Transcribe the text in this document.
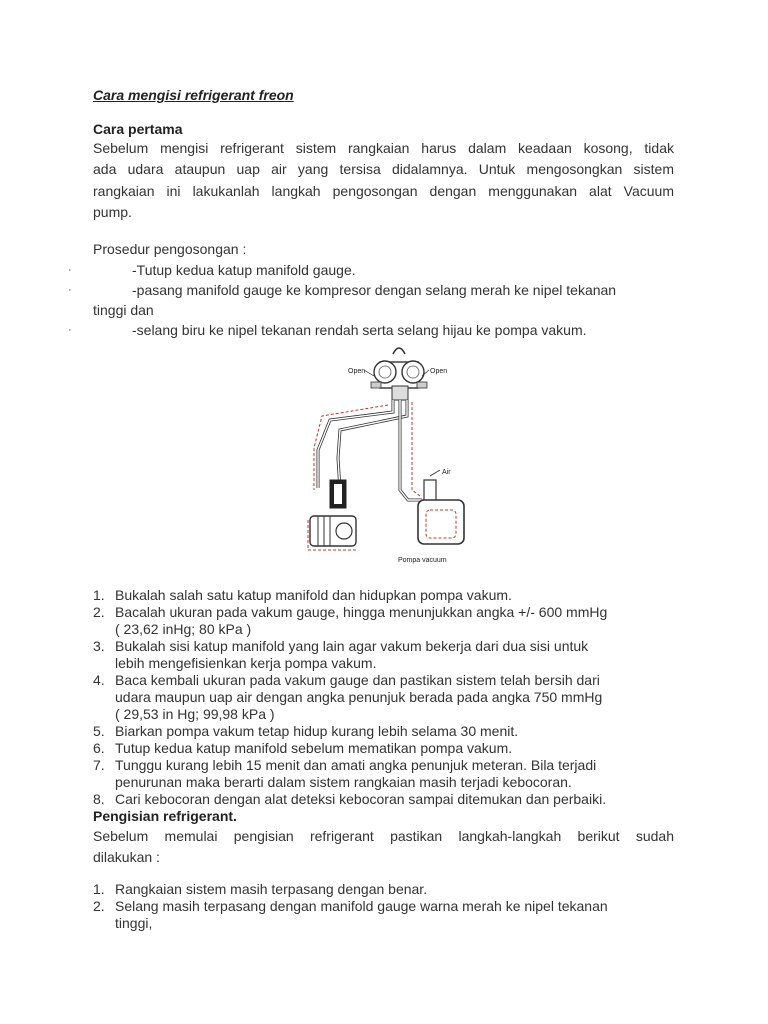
Cara mengisi refrigerant freon
Cara pertama
Sebelum mengisi refrigerant sistem rangkaian harus dalam keadaan kosong, tidak
ada udara ataupun uap air yang tersisa didalamnya. Untuk mengosongkan sistem
rangkaian ini lakukanlah langkah pengosongan dengan menggunakan alat Vacuum
pump.
Prosedur pengosongan :
·	-Tutup kedua katup manifold gauge.
·	-pasang manifold gauge ke kompresor dengan selang merah ke nipel tekanan
tinggi dan
·	-selang biru ke nipel tekanan rendah serta selang hijau ke pompa vakum.
Open	Open
Air
Pompa vacuum
1. Bukalah salah satu katup manifold dan hidupkan pompa vakum.
2. Bacalah ukuran pada vakum gauge, hingga menunjukkan angka +/- 600 mmHg
( 23,62 inHg; 80 kPa )
3. Bukalah sisi katup manifold yang lain agar vakum bekerja dari dua sisi untuk
lebih mengefisienkan kerja pompa vakum.
4. Baca kembali ukuran pada vakum gauge dan pastikan sistem telah bersih dari
udara maupun uap air dengan angka penunjuk berada pada angka 750 mmHg
( 29,53 in Hg; 99,98 kPa )
5. Biarkan pompa vakum tetap hidup kurang lebih selama 30 menit.
6. Tutup kedua katup manifold sebelum mematikan pompa vakum.
7. Tunggu kurang lebih 15 menit dan amati angka penunjuk meteran. Bila terjadi
penurunan maka berarti dalam sistem rangkaian masih terjadi kebocoran.
8. Cari kebocoran dengan alat deteksi kebocoran sampai ditemukan dan perbaiki.
Pengisian refrigerant.
Sebelum memulai pengisian refrigerant pastikan langkah-langkah berikut sudah
dilakukan :
1. Rangkaian sistem masih terpasang dengan benar.
2. Selang masih terpasang dengan manifold gauge warna merah ke nipel tekanan
tinggi,
